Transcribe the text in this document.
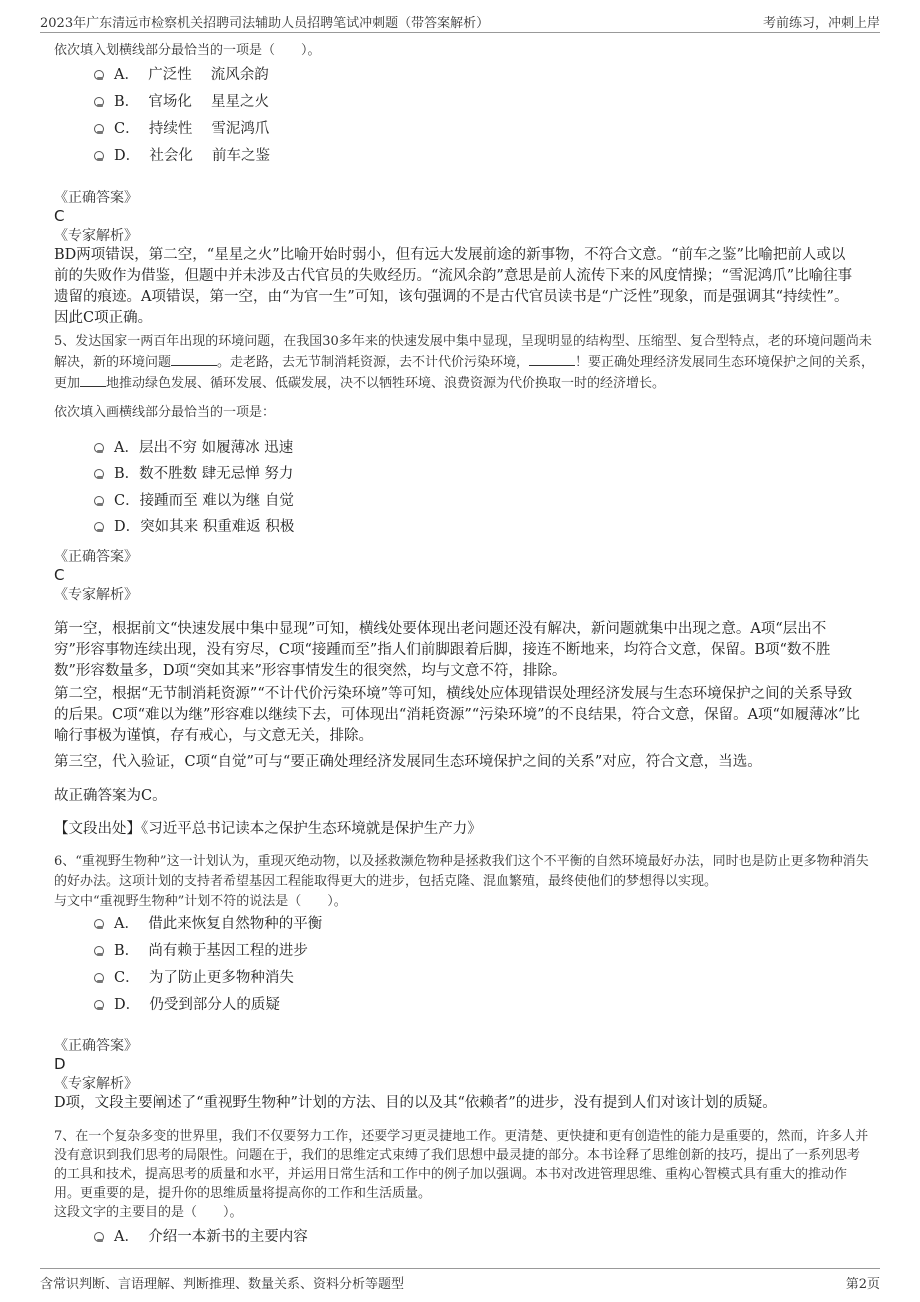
2023年广东清远市检察机关招聘司法辅助人员招聘笔试冲刺题（带答案解析）	考前练习，冲刺上岸
依次填入划横线部分最恰当的一项是（　　）。
A． 广泛性　 流风余韵
B． 官场化　 星星之火
C． 持续性　 雪泥鸿爪
D． 社会化　 前车之鉴
《正确答案》
C
《专家解析》
BD两项错误，第二空，“星星之火”比喻开始时弱小，但有远大发展前途的新事物，不符合文意。“前车之鉴”比喻把前人或以
前的失败作为借鉴，但题中并未涉及古代官员的失败经历。“流风余韵”意思是前人流传下来的风度情操；“雪泥鸿爪”比喻往事
遗留的痕迹。A项错误，第一空，由“为官一生”可知，该句强调的不是古代官员读书是“广泛性”现象，而是强调其“持续性”。
因此C项正确。
5、发达国家一两百年出现的环境问题，在我国30多年来的快速发展中集中显现，呈现明显的结构型、压缩型、复合型特点，老的环境问题尚未
解决，新的环境问题	。走老路，去无节制消耗资源，去不计代价污染环境，	！要正确处理经济发展同生态环境保护之间的关系，
更加 地推动绿色发展、循环发展、低碳发展，决不以牺牲环境、浪费资源为代价换取一时的经济增长。
依次填入画横线部分最恰当的一项是：
A．层出不穷 如履薄冰 迅速
B．数不胜数 肆无忌惮 努力
C．接踵而至 难以为继 自觉
D．突如其来 积重难返 积极
《正确答案》
C
《专家解析》
第一空，根据前文“快速发展中集中显现”可知，横线处要体现出老问题还没有解决，新问题就集中出现之意。A项“层出不
穷”形容事物连续出现，没有穷尽，C项“接踵而至”指人们前脚跟着后脚，接连不断地来，均符合文意，保留。B项“数不胜
数”形容数量多，D项“突如其来”形容事情发生的很突然，均与文意不符，排除。
第二空，根据“无节制消耗资源”“不计代价污染环境”等可知，横线处应体现错误处理经济发展与生态环境保护之间的关系导致
的后果。C项“难以为继”形容难以继续下去，可体现出“消耗资源”“污染环境”的不良结果，符合文意，保留。A项“如履薄冰”比
喻行事极为谨慎，存有戒心，与文意无关，排除。
第三空，代入验证，C项“自觉”可与“要正确处理经济发展同生态环境保护之间的关系”对应，符合文意，当选。
故正确答案为C。
【文段出处】《习近平总书记读本之保护生态环境就是保护生产力》
6、“重视野生物种”这一计划认为，重现灭绝动物，以及拯救濒危物种是拯救我们这个不平衡的自然环境最好办法，同时也是防止更多物种消失
的好办法。这项计划的支持者希望基因工程能取得更大的进步，包括克隆、混血繁殖，最终使他们的梦想得以实现。
与文中“重视野生物种”计划不符的说法是（　　）。
A． 借此来恢复自然物种的平衡
B． 尚有赖于基因工程的进步
C． 为了防止更多物种消失
D． 仍受到部分人的质疑
《正确答案》
D
《专家解析》
D项，文段主要阐述了“重视野生物种”计划的方法、目的以及其“依赖者”的进步，没有提到人们对该计划的质疑。
7、在一个复杂多变的世界里，我们不仅要努力工作，还要学习更灵捷地工作。更清楚、更快捷和更有创造性的能力是重要的，然而，许多人并
没有意识到我们思考的局限性。问题在于，我们的思维定式束缚了我们思想中最灵捷的部分。本书诠释了思维创新的技巧，提出了一系列思考
的工具和技术，提高思考的质量和水平，并运用日常生活和工作中的例子加以强调。本书对改进管理思维、重构心智模式具有重大的推动作
用。更重要的是，提升你的思维质量将提高你的工作和生活质量。
这段文字的主要目的是（　　）。
A． 介绍一本新书的主要内容
含常识判断、言语理解、判断推理、数量关系、资料分析等题型	第2页
